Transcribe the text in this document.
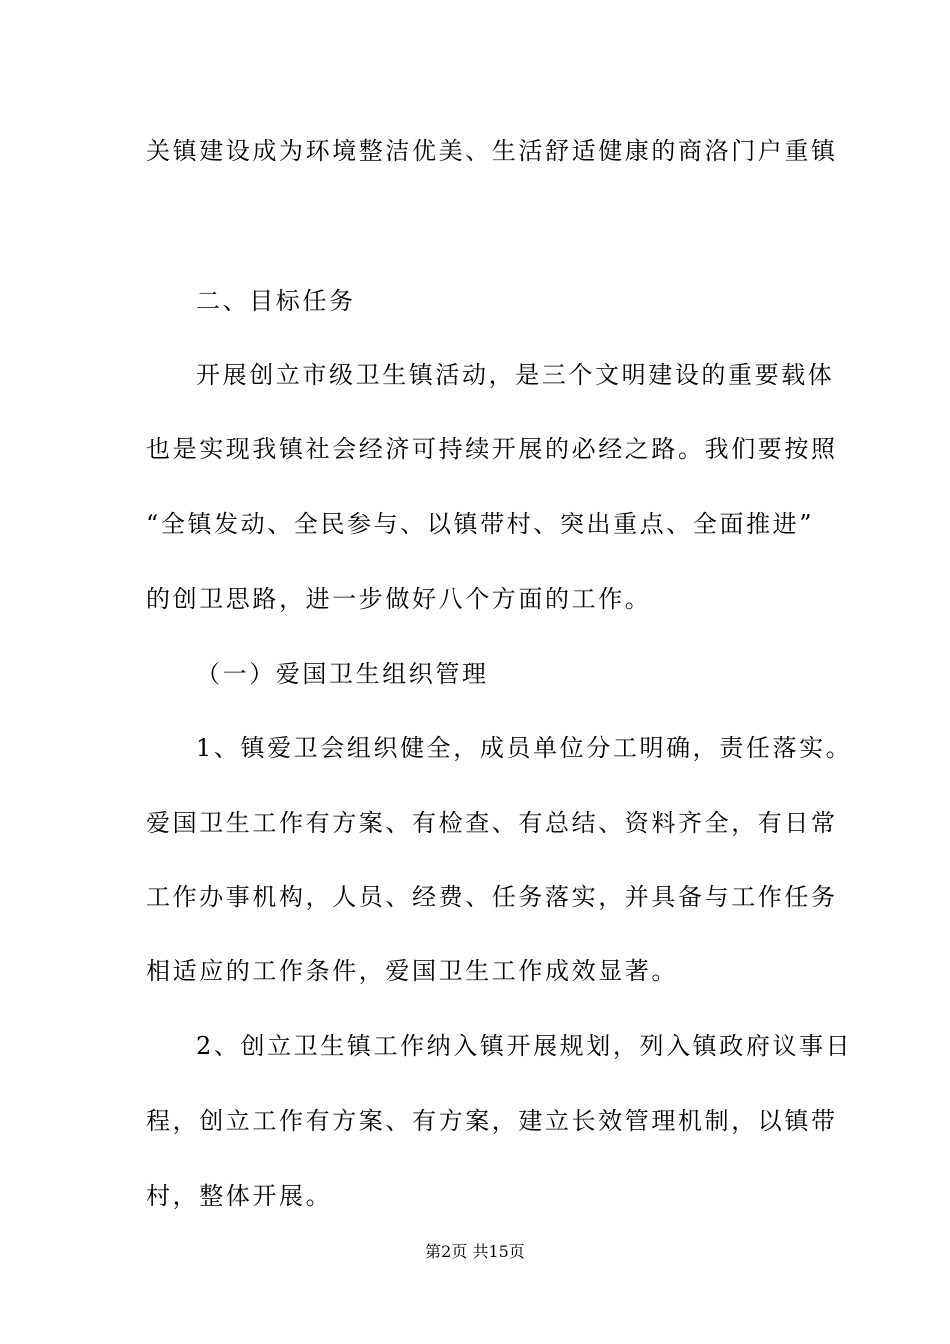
关镇建设成为环境整洁优美、生活舒适健康的商洛门户重镇

二、目标任务

开展创立市级卫生镇活动，是三个文明建设的重要载体

也是实现我镇社会经济可持续开展的必经之路。我们要按照

“全镇发动、全民参与、以镇带村、突出重点、全面推进”

的创卫思路，进一步做好八个方面的工作。

（一）爱国卫生组织管理

1、镇爱卫会组织健全，成员单位分工明确，责任落实。

爱国卫生工作有方案、有检查、有总结、资料齐全，有日常

工作办事机构，人员、经费、任务落实，并具备与工作任务

相适应的工作条件，爱国卫生工作成效显著。

2、创立卫生镇工作纳入镇开展规划，列入镇政府议事日

程，创立工作有方案、有方案，建立长效管理机制，以镇带

村，整体开展。

第2页 共15页
